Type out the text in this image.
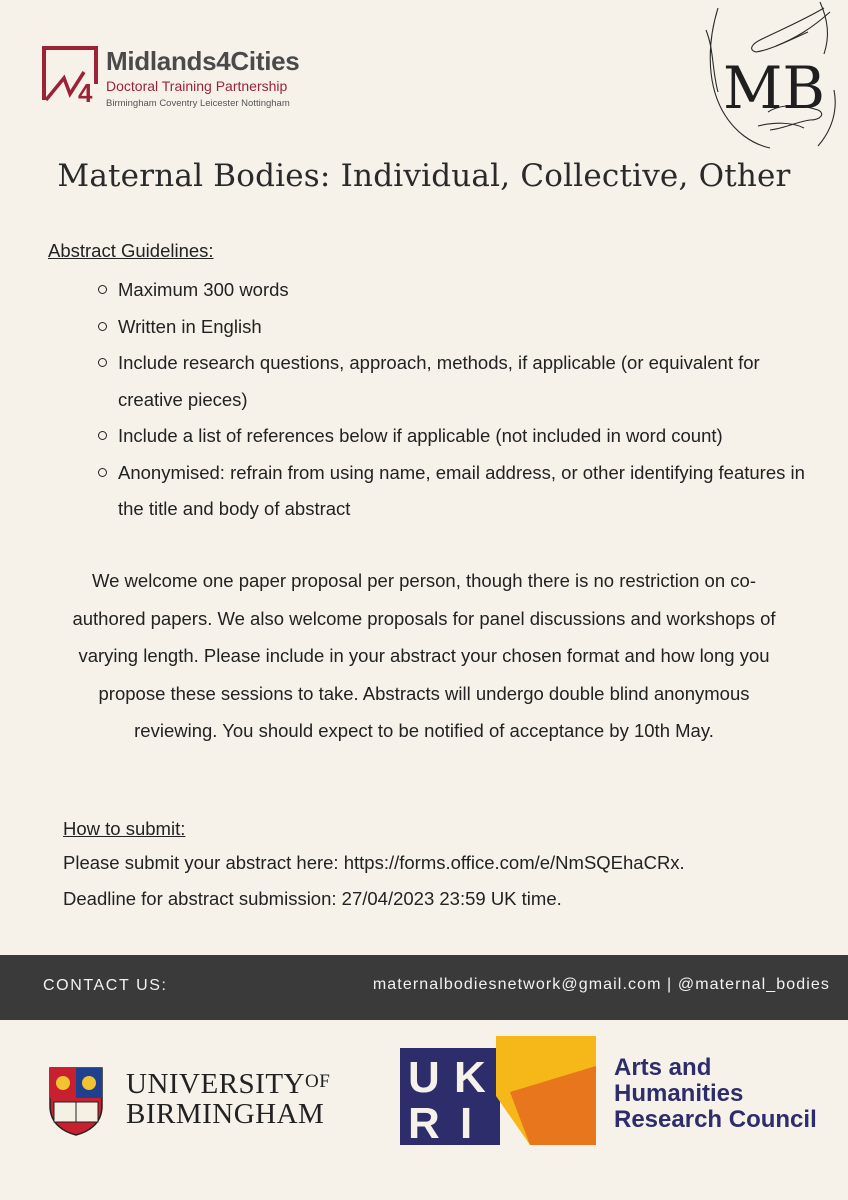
4
Midlands4Cities
Doctoral Training Partnership
Birmingham Coventry Leicester Nottingham	MB
Maternal Bodies: Individual, Collective, Other
Abstract Guidelines:
Maximum 300 words
Written in English
Include research questions, approach, methods, if applicable (or equivalent for creative pieces)
Include a list of references below if applicable (not included in word count)
Anonymised: refrain from using name, email address, or other identifying features in the title and body of abstract
We welcome one paper proposal per person, though there is no restriction on co-authored papers. We also welcome proposals for panel discussions and workshops of varying length. Please include in your abstract your chosen format and how long you propose these sessions to take. Abstracts will undergo double blind anonymous reviewing. You should expect to be notified of acceptance by 10th May.
How to submit:
Please submit your abstract here: https://forms.office.com/e/NmSQEhaCRx.
Deadline for abstract submission: 27/04/2023 23:59 UK time.
CONTACT US:	maternalbodiesnetwork@gmail.com | @maternal_bodies
$UNIVERSITY^{OF}$
BIRMINGHAM
U K
R I
Arts and
Humanities
Research Council
